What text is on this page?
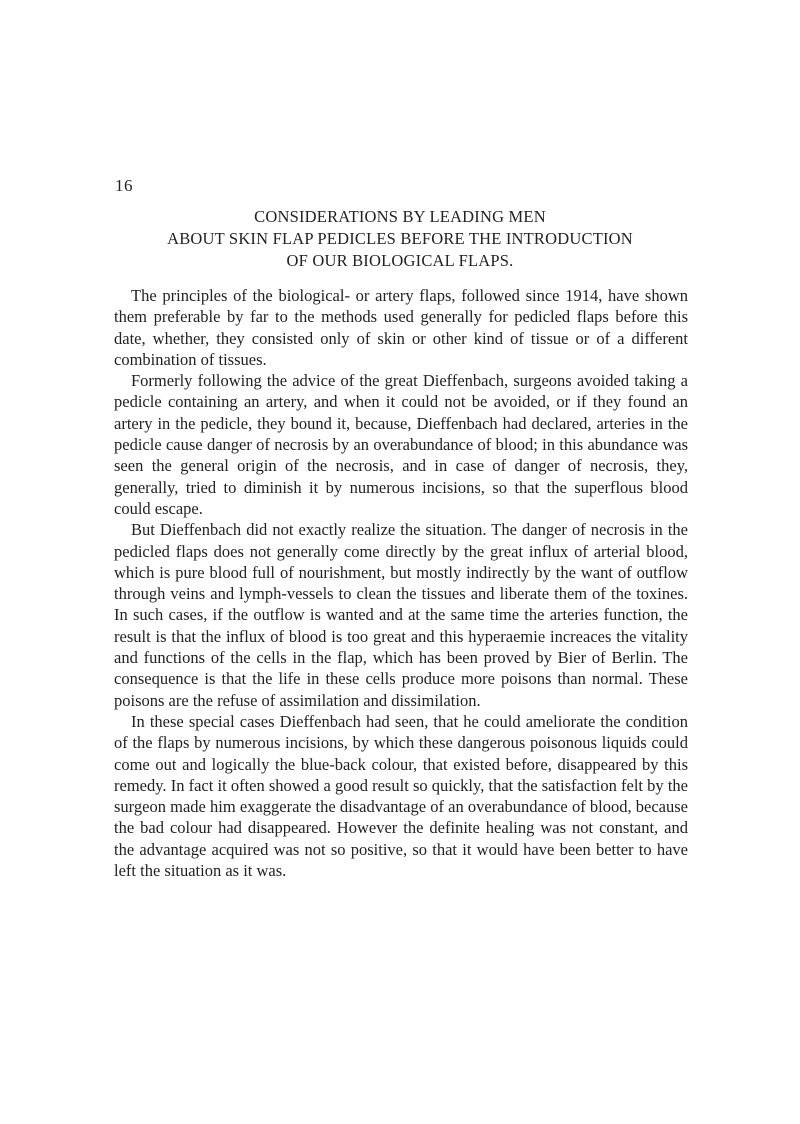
16
CONSIDERATIONS BY LEADING MEN
ABOUT SKIN FLAP PEDICLES BEFORE THE INTRODUCTION
OF OUR BIOLOGICAL FLAPS.

The principles of the biological- or artery flaps, followed since 1914, have shown them preferable by far to the methods used generally for pedicled flaps before this date, whether, they consisted only of skin or other kind of tissue or of a different combination of tissues.

Formerly following the advice of the great Dieffenbach, surgeons avoided taking a pedicle containing an artery, and when it could not be avoided, or if they found an artery in the pedicle, they bound it, because, Dieffenbach had declared, arteries in the pedicle cause danger of necrosis by an overabundance of blood; in this abundance was seen the general origin of the necrosis, and in case of danger of necrosis, they, generally, tried to diminish it by numerous incisions, so that the superflous blood could escape.

But Dieffenbach did not exactly realize the situation. The danger of necrosis in the pedicled flaps does not generally come directly by the great influx of arterial blood, which is pure blood full of nourishment, but mostly indirectly by the want of outflow through veins and lymph-vessels to clean the tissues and liberate them of the toxines. In such cases, if the outflow is wanted and at the same time the arteries function, the result is that the influx of blood is too great and this hyperaemie increaces the vitality and functions of the cells in the flap, which has been proved by Bier of Berlin. The consequence is that the life in these cells produce more poisons than normal. These poisons are the refuse of assimilation and dissimilation.

In these special cases Dieffenbach had seen, that he could ameliorate the condition of the flaps by numerous incisions, by which these dangerous poisonous liquids could come out and logically the blue-back colour, that existed before, disappeared by this remedy. In fact it often showed a good result so quickly, that the satisfaction felt by the surgeon made him exaggerate the disadvantage of an overabundance of blood, because the bad colour had disappeared. However the definite healing was not constant, and the advantage acquired was not so positive, so that it would have been better to have left the situation as it was.
